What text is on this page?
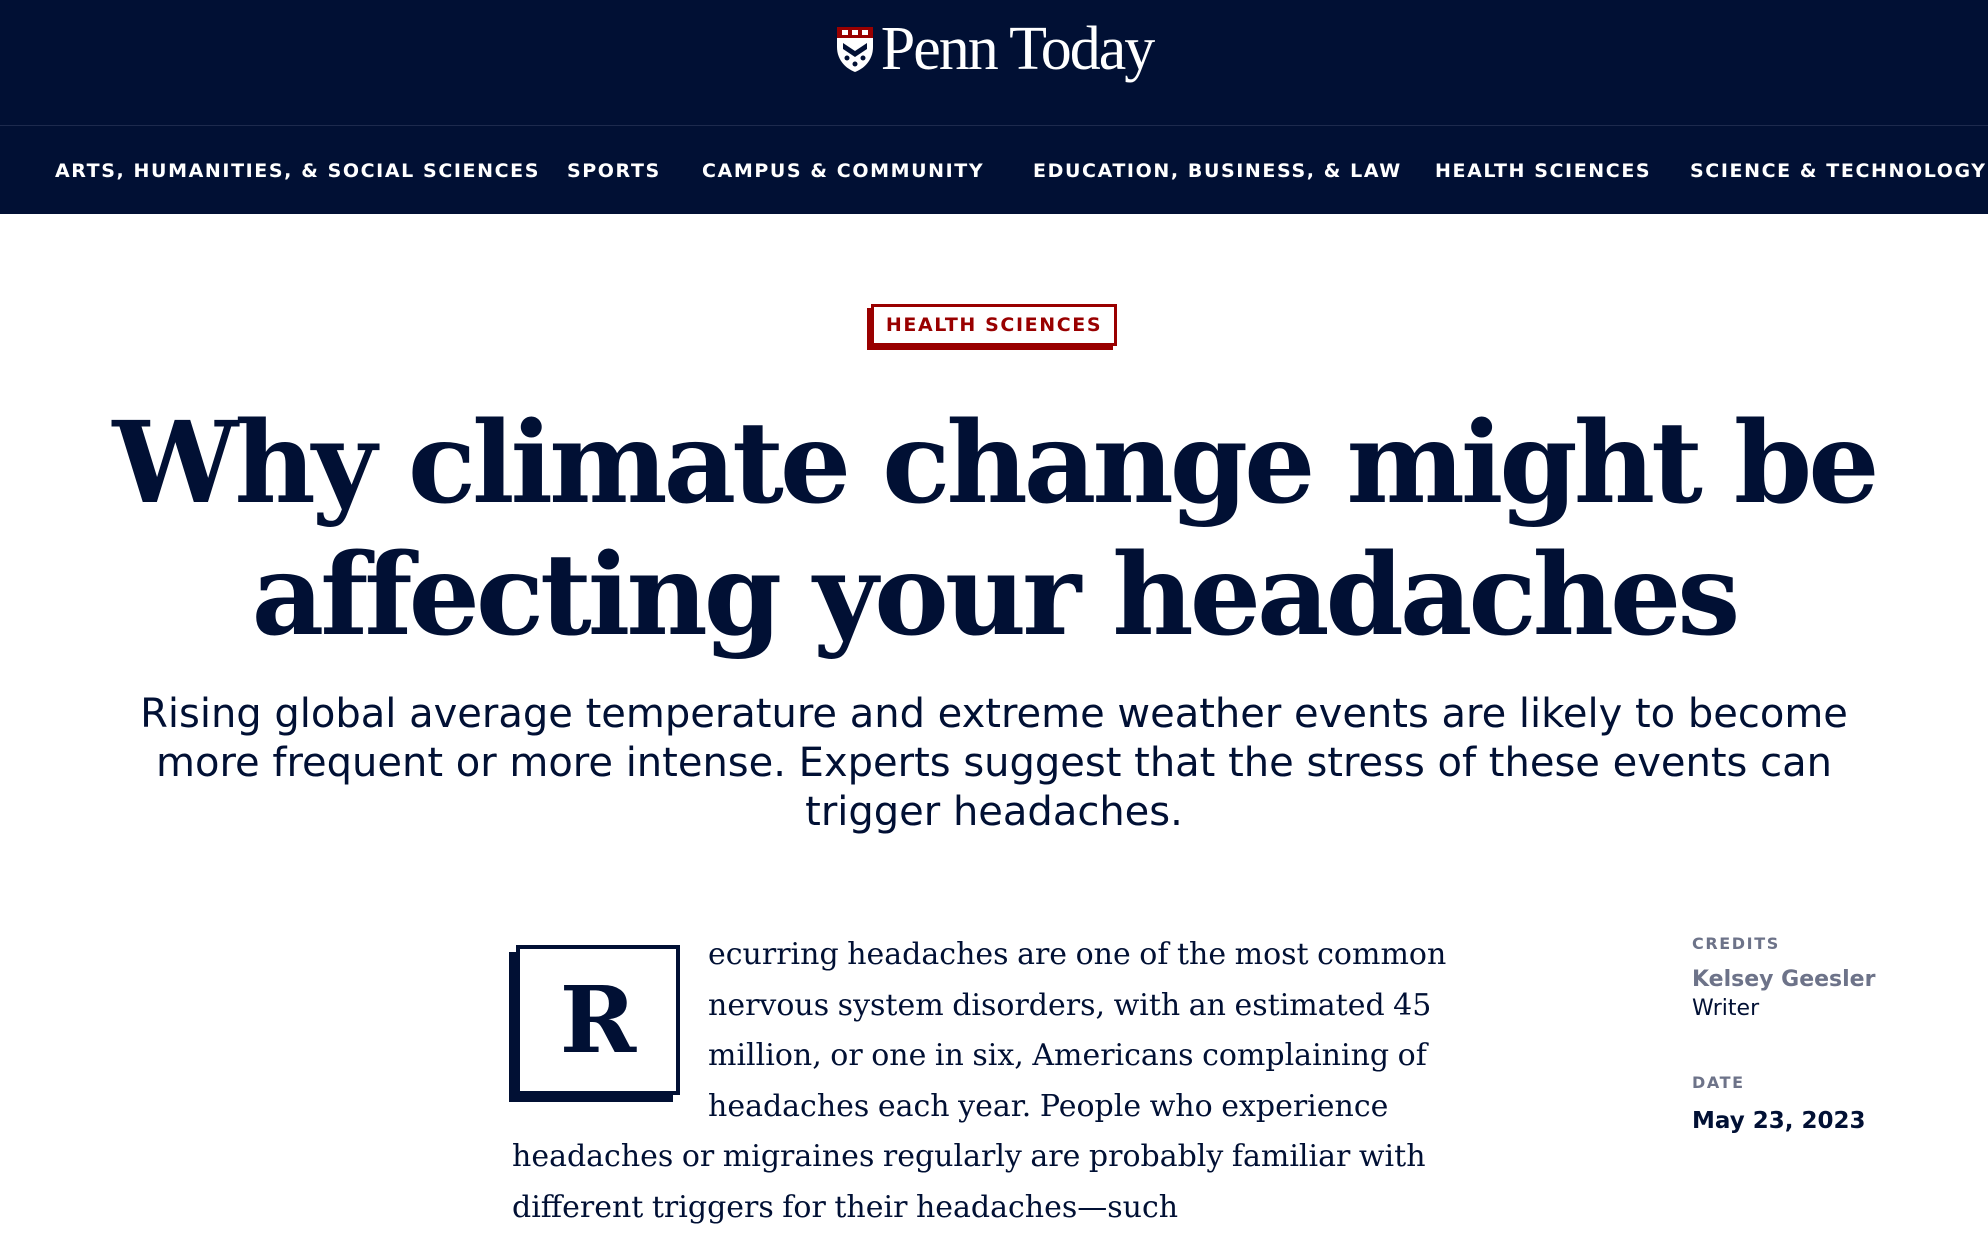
Penn Today
ARTS, HUMANITIES, & SOCIAL SCIENCES SPORTS CAMPUS & COMMUNITY	EDUCATION, BUSINESS, & LAW HEALTH SCIENCES SCIENCE & TECHNOLOGY
HEALTH SCIENCES
Why climate change might be affecting your headaches

Rising global average temperature and extreme weather events are likely to become more frequent or more intense. Experts suggest that the stress of these events can trigger headaches.

R

ecurring headaches are one of the most common nervous system disorders, with an estimated 45 million, or one in six, Americans complaining of headaches each year. People who experience headaches or migraines regularly are probably familiar with different triggers for their headaches—such

CREDITS
Kelsey Geesler
Writer
DATE
May 23, 2023
